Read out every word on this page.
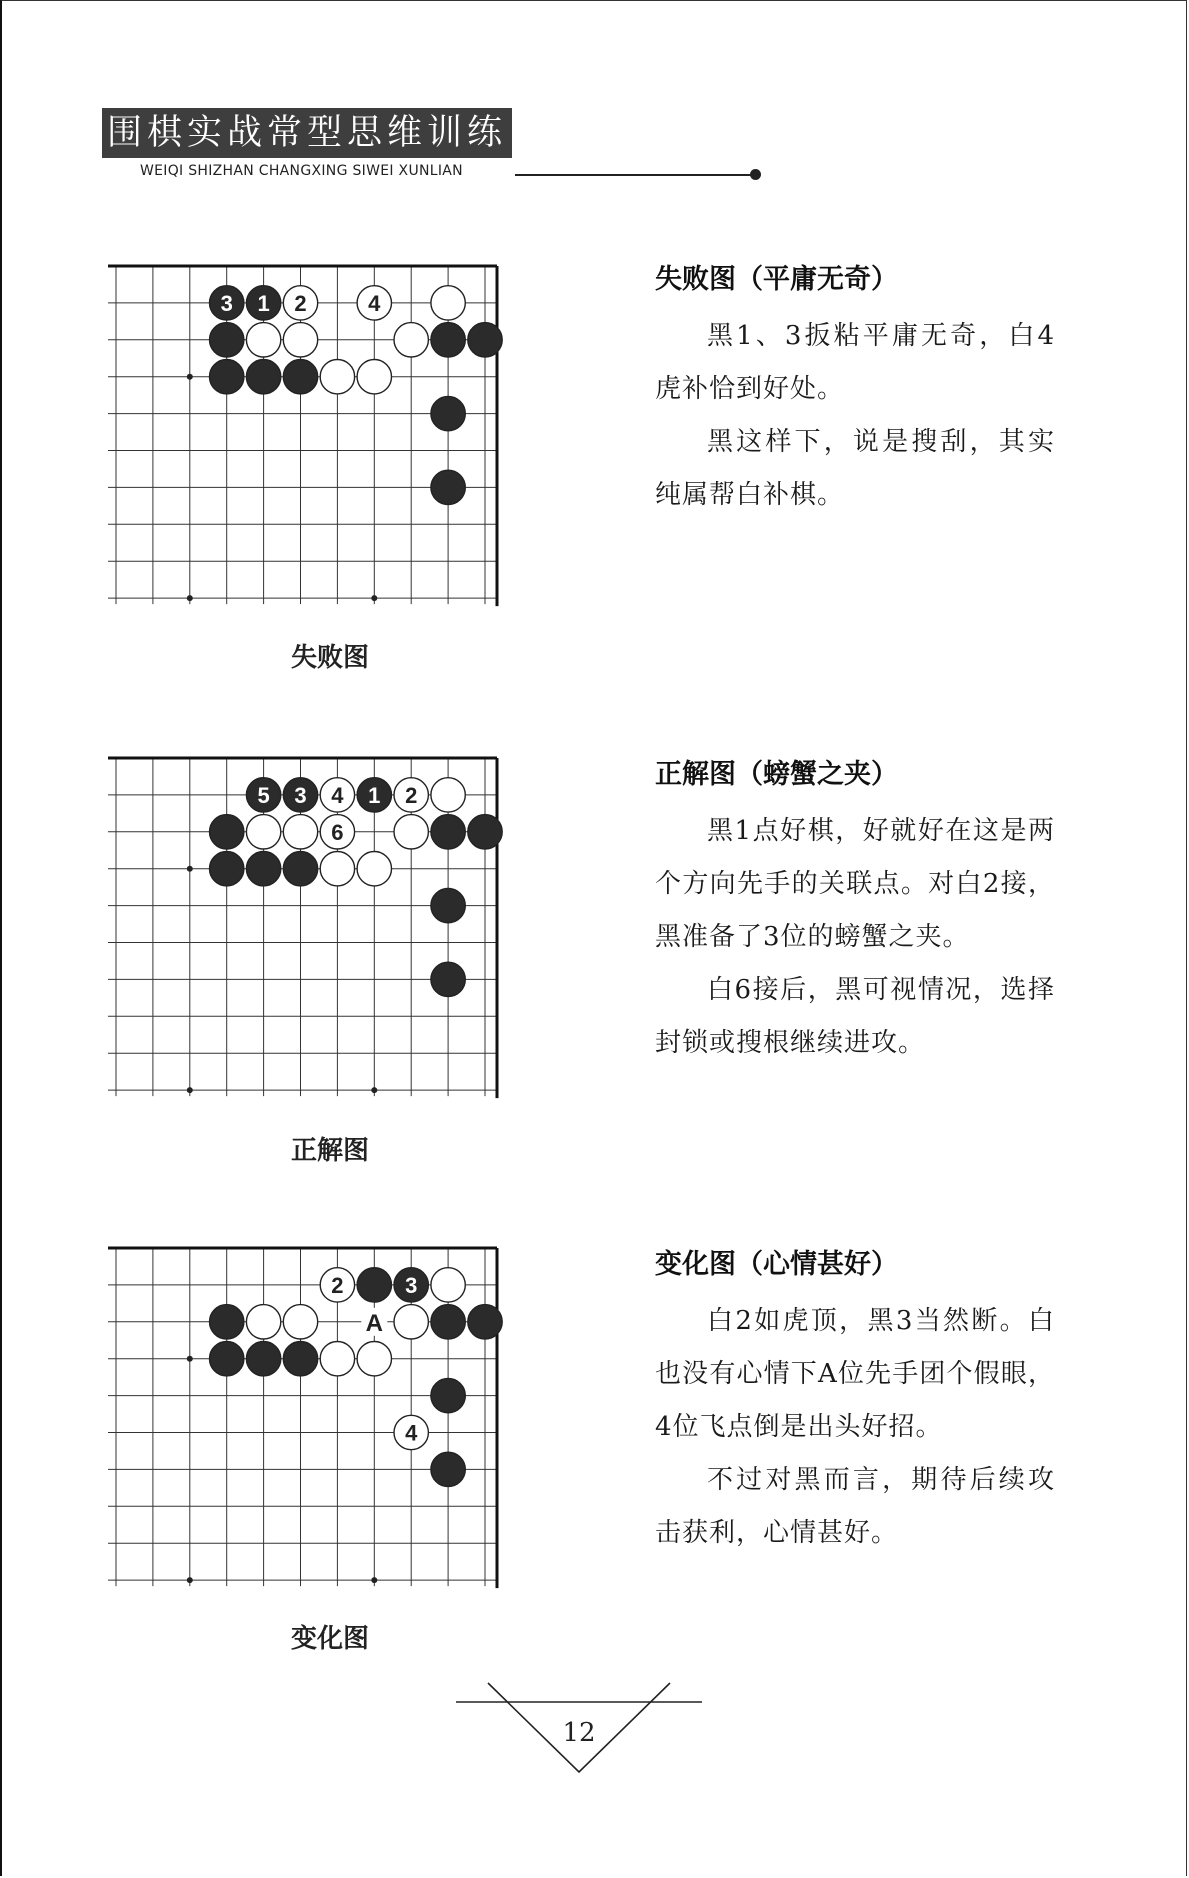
围棋实战常型思维训练
WEIQI SHIZHAN CHANGXING SIWEI XUNLIAN
3 1 2	4
失败图
失败图（平庸无奇）

黑1、3扳粘平庸无奇，白4虎补恰到好处。

黑这样下，说是搜刮，其实纯属帮白补棋。

5 3 4 1 2
6
正解图
正解图（螃蟹之夹）

黑1点好棋，好就好在这是两个方向先手的关联点。对白2接，黑准备了3位的螃蟹之夹。

白6接后，黑可视情况，选择封锁或搜根继续进攻。

2	3
4
A
变化图
变化图（心情甚好）

白2如虎顶，黑3当然断。白也没有心情下A位先手团个假眼，4位飞点倒是出头好招。

不过对黑而言，期待后续攻击获利，心情甚好。

12
